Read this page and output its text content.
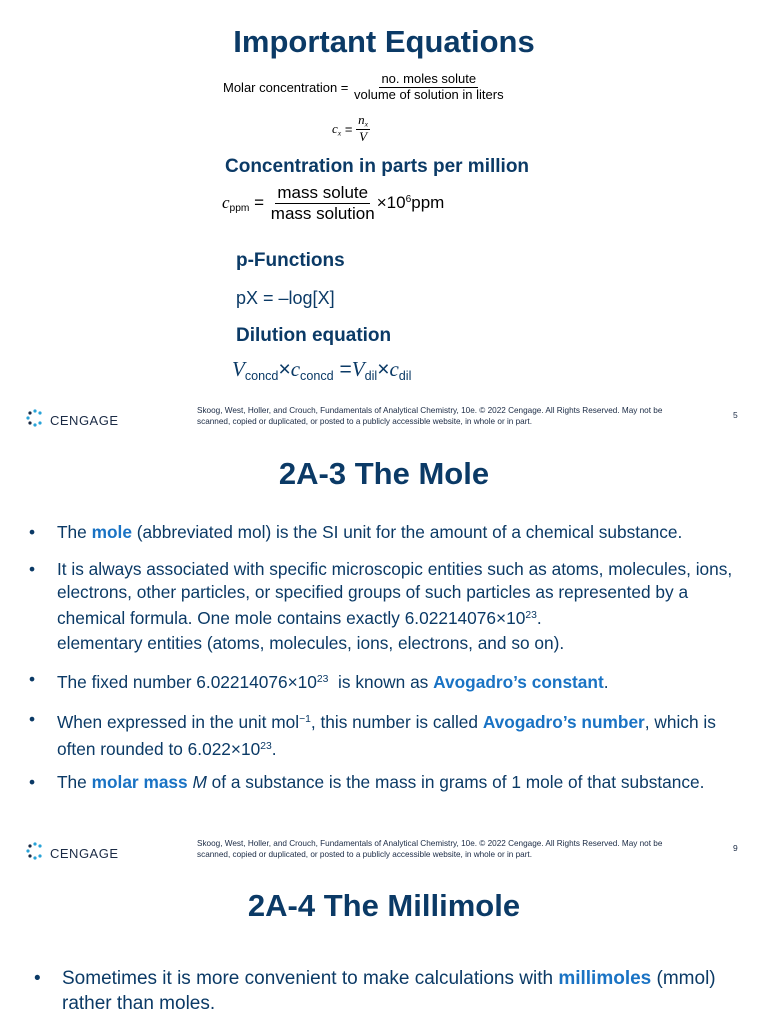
Important Equations
Molar concentration = $\frac{\text{no. moles solute}}{\text{volume of solution in liters}}$
$c_x = \frac{n_x}{V}$
Concentration in parts per million
$c_{ppm} = \frac{\text{mass solute}}{\text{mass solution}} \times 10^6ppm$
p-Functions
pX = –log[X]
Dilution equation
$V_{concd}\times c_{concd} =V_{dil}\times c_{dil}$
CENGAGE
Skoog, West, Holler, and Crouch, Fundamentals of Analytical Chemistry, 10e. © 2022 Cengage. All Rights Reserved. May not be scanned, copied or duplicated, or posted to a publicly accessible website, in whole or in part.
5
2A-3 The Mole
• The mole (abbreviated mol) is the SI unit for the amount of a chemical substance.
• It is always associated with specific microscopic entities such as atoms, molecules, ions, electrons, other particles, or specified groups of such particles as represented by a chemical formula. One mole contains exactly $6.02214076\times 10^{23}$.
elementary entities (atoms, molecules, ions, electrons, and so on).
• The fixed number $6.02214076\times 10^{23}$  is known as Avogadro’s constant.
• When expressed in the unit mol$^{-1}$, this number is called Avogadro’s number, which is often rounded to $6.022\times 10^{23}$.
• The molar mass M of a substance is the mass in grams of 1 mole of that substance.
CENGAGE
Skoog, West, Holler, and Crouch, Fundamentals of Analytical Chemistry, 10e. © 2022 Cengage. All Rights Reserved. May not be scanned, copied or duplicated, or posted to a publicly accessible website, in whole or in part.
9
2A-4 The Millimole
• Sometimes it is more convenient to make calculations with millimoles (mmol) rather than moles.
